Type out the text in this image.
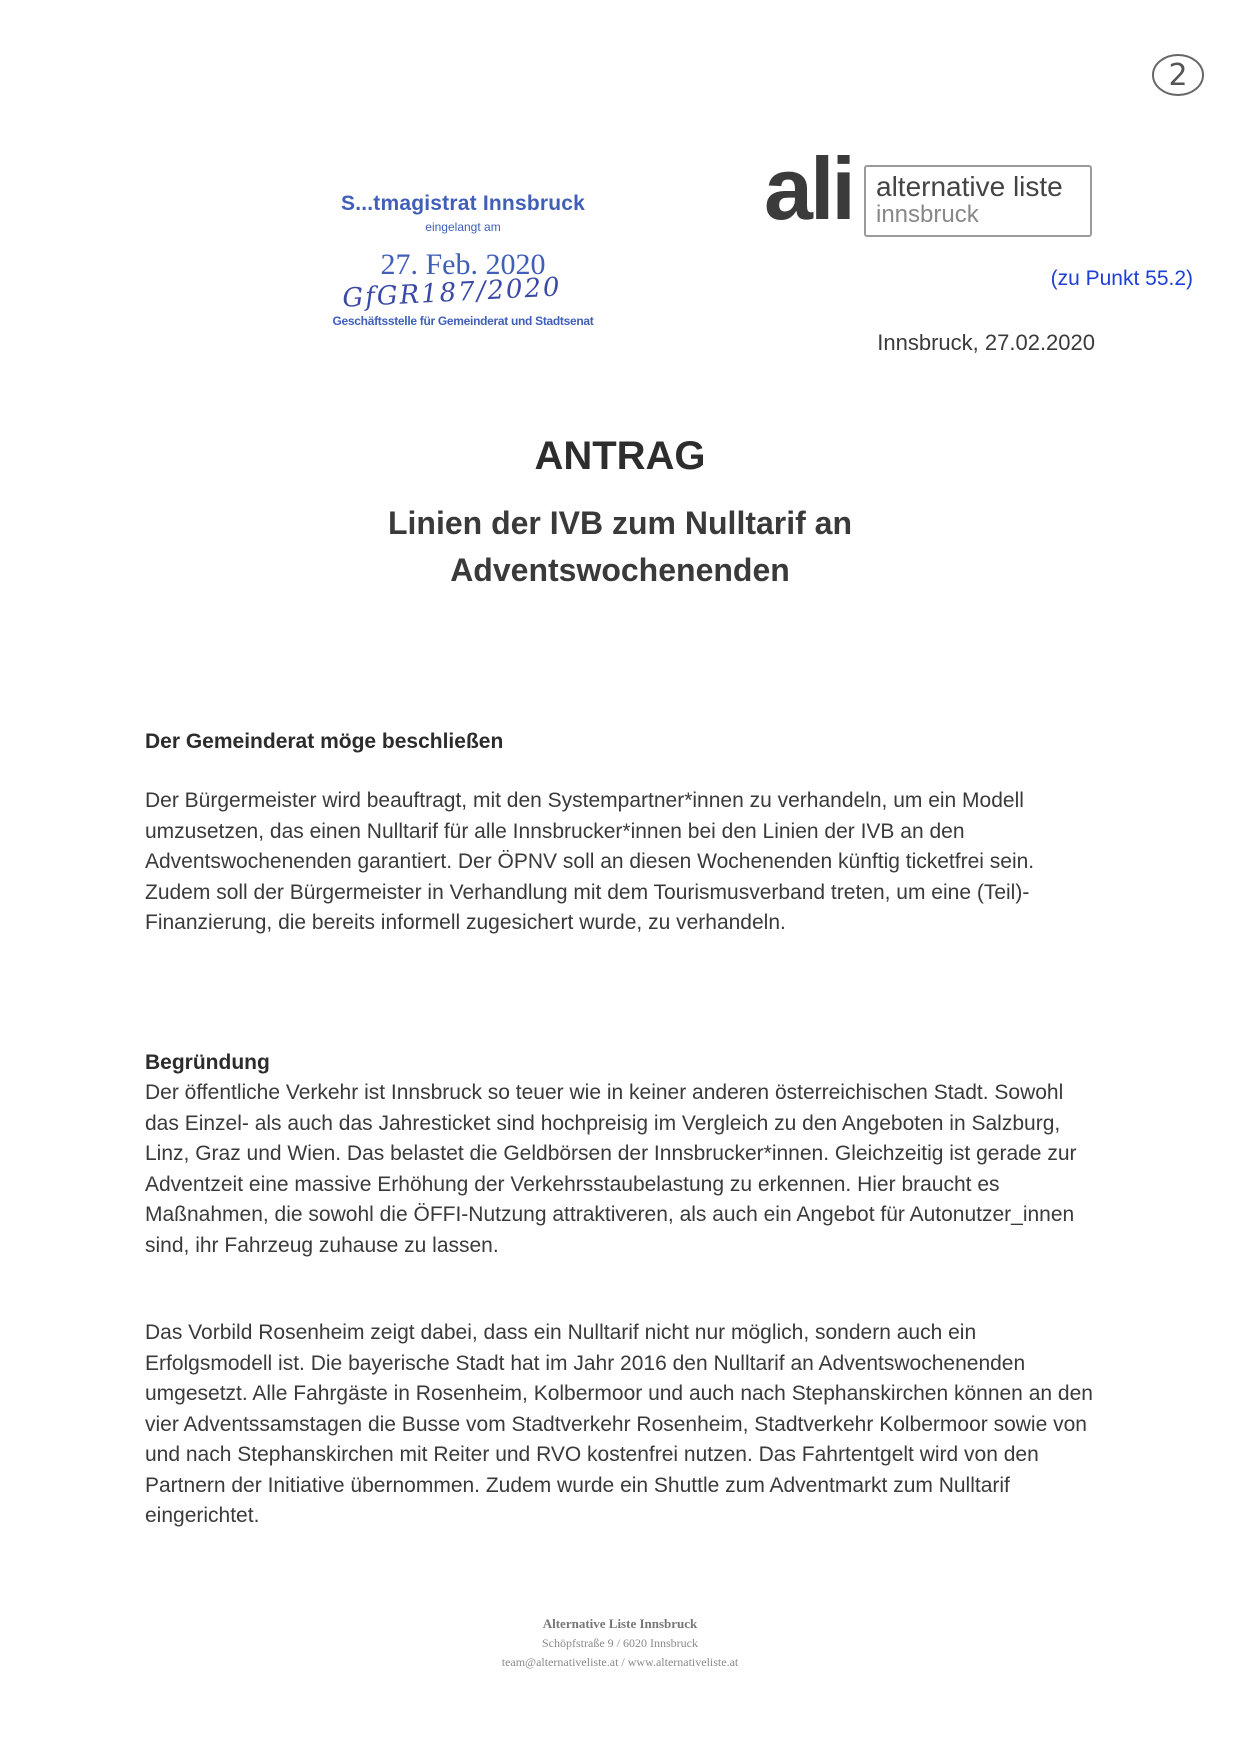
2
S...tmagistrat Innsbruck
eingelangt am
27. Feb. 2020
GfGR187/2020
Geschäftsstelle für Gemeinderat und Stadtsenat
ali alternative liste
innsbruck
(zu Punkt 55.2)
Innsbruck, 27.02.2020
ANTRAG
Linien der IVB zum Nulltarif an
Adventswochenenden
Der Gemeinderat möge beschließen
Der Bürgermeister wird beauftragt, mit den Systempartner*innen zu verhandeln, um ein Modell umzusetzen, das einen Nulltarif für alle Innsbrucker*innen bei den Linien der IVB an den Adventswochenenden garantiert. Der ÖPNV soll an diesen Wochenenden künftig ticketfrei sein. Zudem soll der Bürgermeister in Verhandlung mit dem Tourismusverband treten, um eine (Teil)-Finanzierung, die bereits informell zugesichert wurde, zu verhandeln.
Begründung
Der öffentliche Verkehr ist Innsbruck so teuer wie in keiner anderen österreichischen Stadt. Sowohl das Einzel- als auch das Jahresticket sind hochpreisig im Vergleich zu den Angeboten in Salzburg, Linz, Graz und Wien. Das belastet die Geldbörsen der Innsbrucker*innen. Gleichzeitig ist gerade zur Adventzeit eine massive Erhöhung der Verkehrsstaubelastung zu erkennen. Hier braucht es Maßnahmen, die sowohl die ÖFFI-Nutzung attraktiveren, als auch ein Angebot für Autonutzer_innen sind, ihr Fahrzeug zuhause zu lassen.
Das Vorbild Rosenheim zeigt dabei, dass ein Nulltarif nicht nur möglich, sondern auch ein Erfolgsmodell ist. Die bayerische Stadt hat im Jahr 2016 den Nulltarif an Adventswochenenden umgesetzt. Alle Fahrgäste in Rosenheim, Kolbermoor und auch nach Stephanskirchen können an den vier Adventssamstagen die Busse vom Stadtverkehr Rosenheim, Stadtverkehr Kolbermoor sowie von und nach Stephanskirchen mit Reiter und RVO kostenfrei nutzen. Das Fahrtentgelt wird von den Partnern der Initiative übernommen. Zudem wurde ein Shuttle zum Adventmarkt zum Nulltarif eingerichtet.
Alternative Liste Innsbruck
Schöpfstraße 9 / 6020 Innsbruck
team@alternativeliste.at / www.alternativeliste.at
